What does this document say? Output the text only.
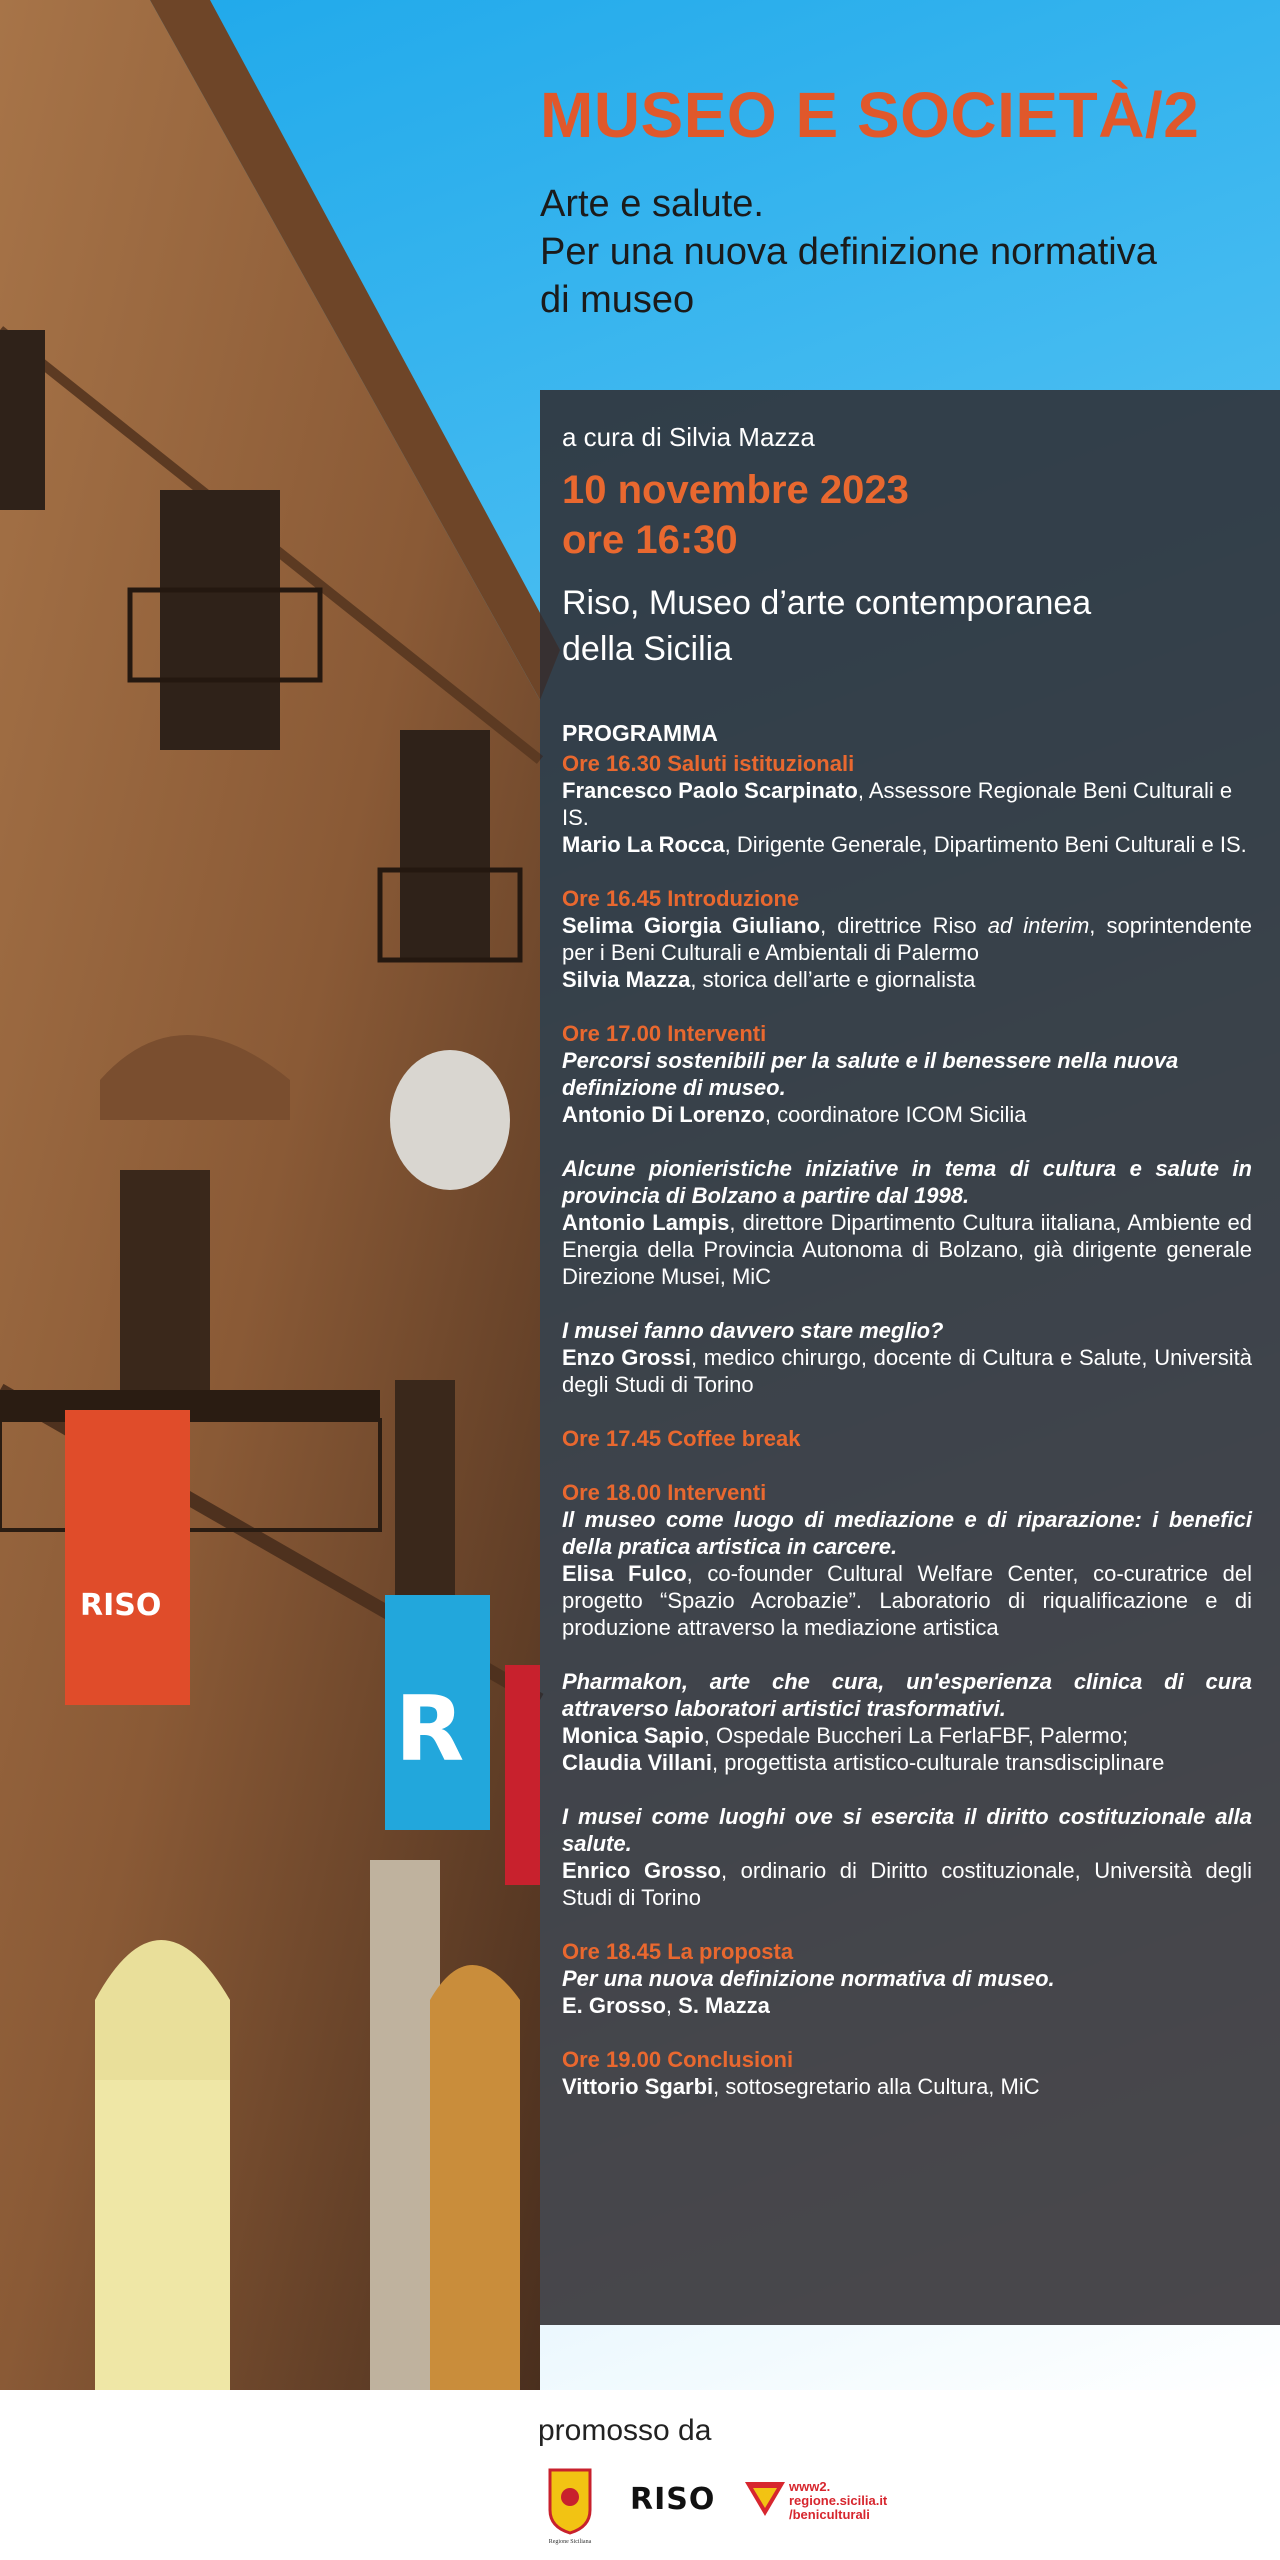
RISO
R
MUSEO E SOCIETÀ/2
Arte e salute.
Per una nuova definizione normativa
di museo
a cura di Silvia Mazza
10 novembre 2023
ore 16:30
Riso, Museo d’arte contemporanea
della Sicilia
PROGRAMMA
Ore 16.30 Saluti istituzionali
Francesco Paolo Scarpinato, Assessore Regionale Beni Culturali e IS.
Mario La Rocca, Dirigente Generale, Dipartimento Beni Culturali e IS.
Ore 16.45 Introduzione
Selima Giorgia Giuliano, direttrice Riso ad interim, soprintendente per i Beni Culturali e Ambientali di Palermo
Silvia Mazza, storica dell’arte e giornalista
Ore 17.00 Interventi
Percorsi sostenibili per la salute e il benessere nella nuova definizione di museo.
Antonio Di Lorenzo, coordinatore ICOM Sicilia
Alcune pionieristiche iniziative in tema di cultura e salute in provincia di Bolzano a partire dal 1998.
Antonio Lampis, direttore Dipartimento Cultura iitaliana, Ambiente ed Energia della Provincia Autonoma di Bolzano, già dirigente generale Direzione Musei, MiC
I musei fanno davvero stare meglio?
Enzo Grossi, medico chirurgo, docente di Cultura e Salute, Università degli Studi di Torino
Ore 17.45 Coffee break
Ore 18.00 Interventi
Il museo come luogo di mediazione e di riparazione: i benefici della pratica artistica in carcere.
Elisa Fulco, co-founder Cultural Welfare Center, co-curatrice del progetto “Spazio Acrobazie”. Laboratorio di riqualificazione e di produzione attraverso la mediazione artistica
Pharmakon, arte che cura, un'esperienza clinica di cura attraverso laboratori artistici trasformativi.
Monica Sapio, Ospedale Buccheri La FerlaFBF, Palermo;
Claudia Villani, progettista artistico-culturale transdisciplinare
I musei come luoghi ove si esercita il diritto costituzionale alla salute.
Enrico Grosso, ordinario di Diritto costituzionale, Università degli Studi di Torino
Ore 18.45 La proposta
Per una nuova definizione normativa di museo.
E. Grosso, S. Mazza
Ore 19.00 Conclusioni
Vittorio Sgarbi, sottosegretario alla Cultura, MiC
promosso da
Regione Siciliana
RISO	www2.
regione.sicilia.it
/beniculturali
